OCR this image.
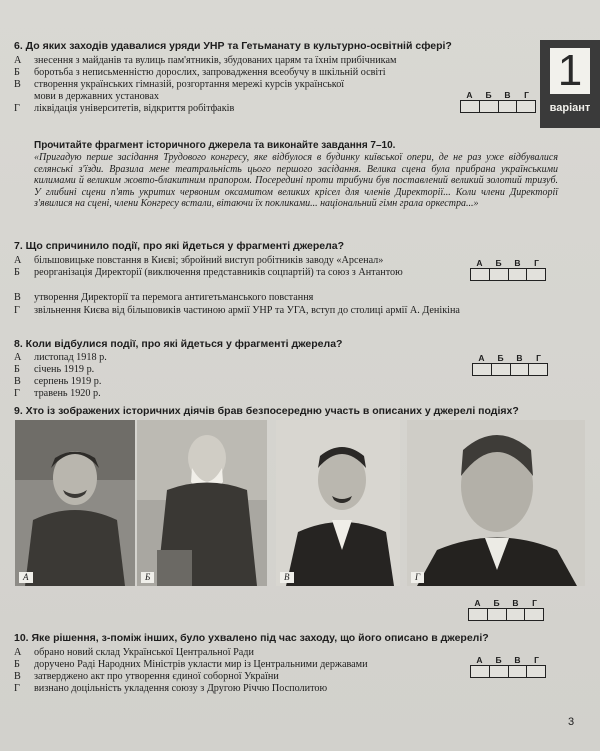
1
варіант
6. До яких заходів удавалися уряди УНР та Гетьманату в культурно-освітній сфері?
А знесення з майданів та вулиць пам'ятників, збудованих царям та їхнім прибічникам
Б боротьба з неписьменністю дорослих, запровадження всеобучу в шкільній освіті
В створення українських гімназій, розгортання мережі курсів української мови в державних установах
Г ліквідація університетів, відкриття робітфаків
А	Б	В	Г
Прочитайте фрагмент історичного джерела та виконайте завдання 7–10.
«Пригадую перше засідання Трудового конгресу, яке відбулося в будинку київської опери, де не раз уже відбувалися селянські з'їзди. Вразила мене театральність цього першого засідання. Велика сцена була прибрана українськими килимами й великим жовто-блакитним прапором. Посередині проти трибуни був поставлений великий золотий тризуб. У глибині сцени п'ять укритих червоним оксамитом великих крісел для членів Директорії... Коли члени Директорії з'явилися на сцені, члени Конгресу встали, вітаючи їх покликами... національний гімн грала оркестра...»
7. Що спричинило події, про які йдеться у фрагменті джерела?
А більшовицьке повстання в Києві; збройний виступ робітників заводу «Арсенал»
Б реорганізація Директорії (виключення представників соцпартій) та союз з Антантою
В утворення Директорії та перемога антигетьманського повстання
Г звільнення Києва від більшовиків частиною армії УНР та УГА, вступ до столиці армії А. Денікіна
А	Б	В	Г
8. Коли відбулися події, про які йдеться у фрагменті джерела?
А листопад 1918 р.
Б січень 1919 р.
В серпень 1919 р.
Г травень 1920 р.
А	Б	В	Г
9. Хто із зображених історичних діячів брав безпосередню участь в описаних у джерелі подіях?
А	Б	В	Г
А	Б	В	Г
10. Яке рішення, з-поміж інших, було ухвалено під час заходу, що його описано в джерелі?
А обрано новий склад Української Центральної Ради
Б доручено Раді Народних Міністрів укласти мир із Центральними державами
В затверджено акт про утворення єдиної соборної України
Г визнано доцільність укладення союзу з Другою Річчю Посполитою
А	Б	В	Г
3
